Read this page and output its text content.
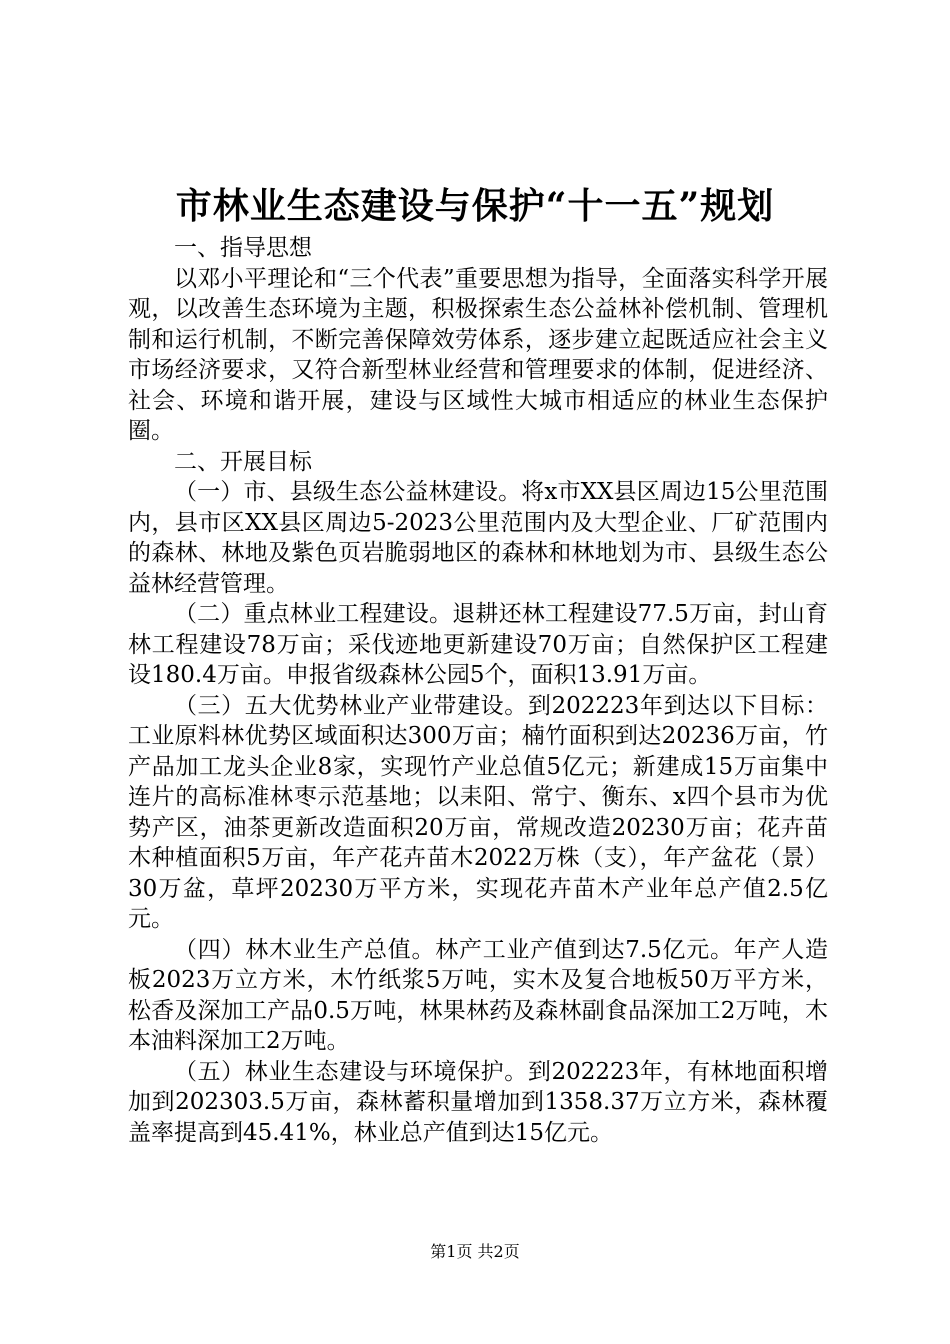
市林业生态建设与保护“十一五”规划

一、指导思想

以邓小平理论和“三个代表”重要思想为指导，全面落实科学开展观，以改善生态环境为主题，积极探索生态公益林补偿机制、管理机制和运行机制，不断完善保障效劳体系，逐步建立起既适应社会主义市场经济要求，又符合新型林业经营和管理要求的体制，促进经济、社会、环境和谐开展，建设与区域性大城市相适应的林业生态保护圈。

二、开展目标

（一）市、县级生态公益林建设。将x市XX县区周边15公里范围内，县市区XX县区周边5-2023公里范围内及大型企业、厂矿范围内的森林、林地及紫色页岩脆弱地区的森林和林地划为市、县级生态公益林经营管理。

（二）重点林业工程建设。退耕还林工程建设77.5万亩，封山育林工程建设78万亩；采伐迹地更新建设70万亩；自然保护区工程建设180.4万亩。申报省级森林公园5个，面积13.91万亩。

（三）五大优势林业产业带建设。到202223年到达以下目标：工业原料林优势区域面积达300万亩；楠竹面积到达20236万亩，竹产品加工龙头企业8家，实现竹产业总值5亿元；新建成15万亩集中连片的高标准林枣示范基地；以耒阳、常宁、衡东、x四个县市为优势产区，油茶更新改造面积20万亩，常规改造20230万亩；花卉苗木种植面积5万亩，年产花卉苗木2022万株（支），年产盆花（景）30万盆，草坪20230万平方米，实现花卉苗木产业年总产值2.5亿元。

（四）林木业生产总值。林产工业产值到达7.5亿元。年产人造板2023万立方米，木竹纸浆5万吨，实木及复合地板50万平方米，松香及深加工产品0.5万吨，林果林药及森林副食品深加工2万吨，木本油料深加工2万吨。

（五）林业生态建设与环境保护。到202223年，有林地面积增加到202303.5万亩，森林蓄积量增加到1358.37万立方米，森林覆盖率提高到45.41%，林业总产值到达15亿元。

第1页 共2页
